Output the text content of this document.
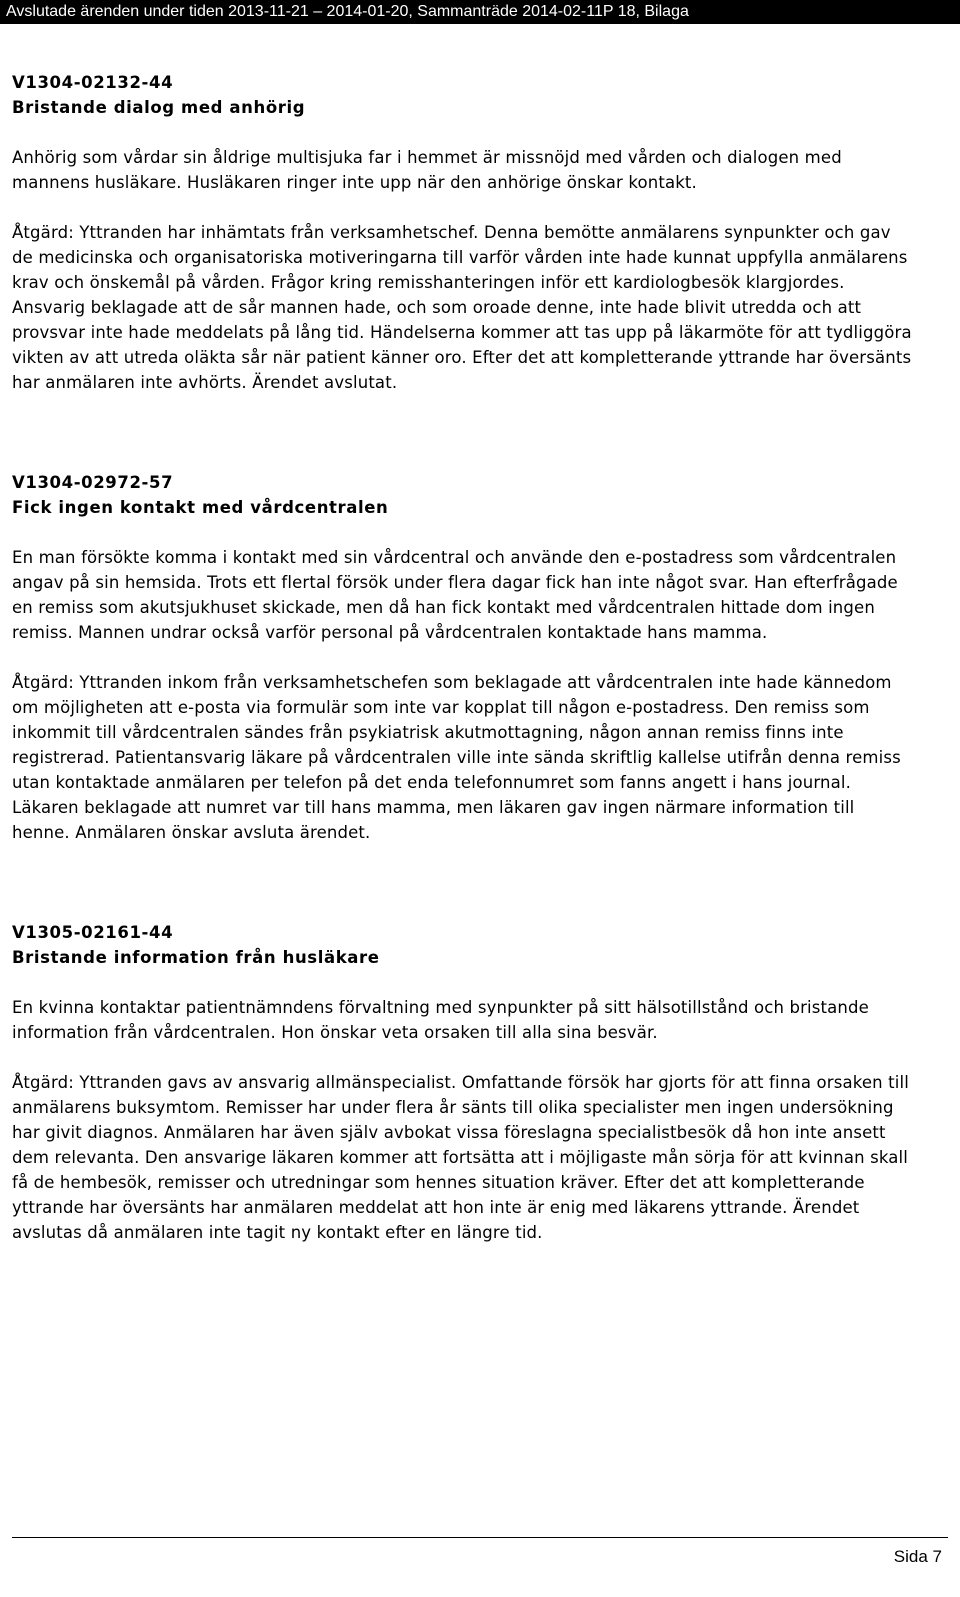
Avslutade ärenden under tiden 2013-11-21 – 2014-01-20, Sammanträde 2014-02-11P 18, Bilaga
V1304-02132-44
Bristande dialog med anhörig

Anhörig som vårdar sin åldrige multisjuka far i hemmet är missnöjd med vården och dialogen med mannens husläkare. Husläkaren ringer inte upp när den anhörige önskar kontakt.

Åtgärd: Yttranden har inhämtats från verksamhetschef. Denna bemötte anmälarens synpunkter och gav de medicinska och organisatoriska motiveringarna till varför vården inte hade kunnat uppfylla anmälarens krav och önskemål på vården. Frågor kring remisshanteringen inför ett kardiologbesök klargjordes. Ansvarig beklagade att de sår mannen hade, och som oroade denne, inte hade blivit utredda och att provsvar inte hade meddelats på lång tid. Händelserna kommer att tas upp på läkarmöte för att tydliggöra vikten av att utreda oläkta sår när patient känner oro. Efter det att kompletterande yttrande har översänts har anmälaren inte avhörts. Ärendet avslutat.

V1304-02972-57
Fick ingen kontakt med vårdcentralen

En man försökte komma i kontakt med sin vårdcentral och använde den e-postadress som vårdcentralen angav på sin hemsida. Trots ett flertal försök under flera dagar fick han inte något svar. Han efterfrågade en remiss som akutsjukhuset skickade, men då han fick kontakt med vårdcentralen hittade dom ingen remiss. Mannen undrar också varför personal på vårdcentralen kontaktade hans mamma.

Åtgärd: Yttranden inkom från verksamhetschefen som beklagade att vårdcentralen inte hade kännedom om möjligheten att e-posta via formulär som inte var kopplat till någon e-postadress. Den remiss som inkommit till vårdcentralen sändes från psykiatrisk akutmottagning, någon annan remiss finns inte registrerad. Patientansvarig läkare på vårdcentralen ville inte sända skriftlig kallelse utifrån denna remiss utan kontaktade anmälaren per telefon på det enda telefonnumret som fanns angett i hans journal. Läkaren beklagade att numret var till hans mamma, men läkaren gav ingen närmare information till henne. Anmälaren önskar avsluta ärendet.

V1305-02161-44
Bristande information från husläkare

En kvinna kontaktar patientnämndens förvaltning med synpunkter på sitt hälsotillstånd och bristande information från vårdcentralen. Hon önskar veta orsaken till alla sina besvär.

Åtgärd: Yttranden gavs av ansvarig allmänspecialist. Omfattande försök har gjorts för att finna orsaken till anmälarens buksymtom. Remisser har under flera år sänts till olika specialister men ingen undersökning har givit diagnos. Anmälaren har även själv avbokat vissa föreslagna specialistbesök då hon inte ansett dem relevanta. Den ansvarige läkaren kommer att fortsätta att i möjligaste mån sörja för att kvinnan skall få de hembesök, remisser och utredningar som hennes situation kräver. Efter det att kompletterande yttrande har översänts har anmälaren meddelat att hon inte är enig med läkarens yttrande. Ärendet avslutas då anmälaren inte tagit ny kontakt efter en längre tid.

Sida 7
